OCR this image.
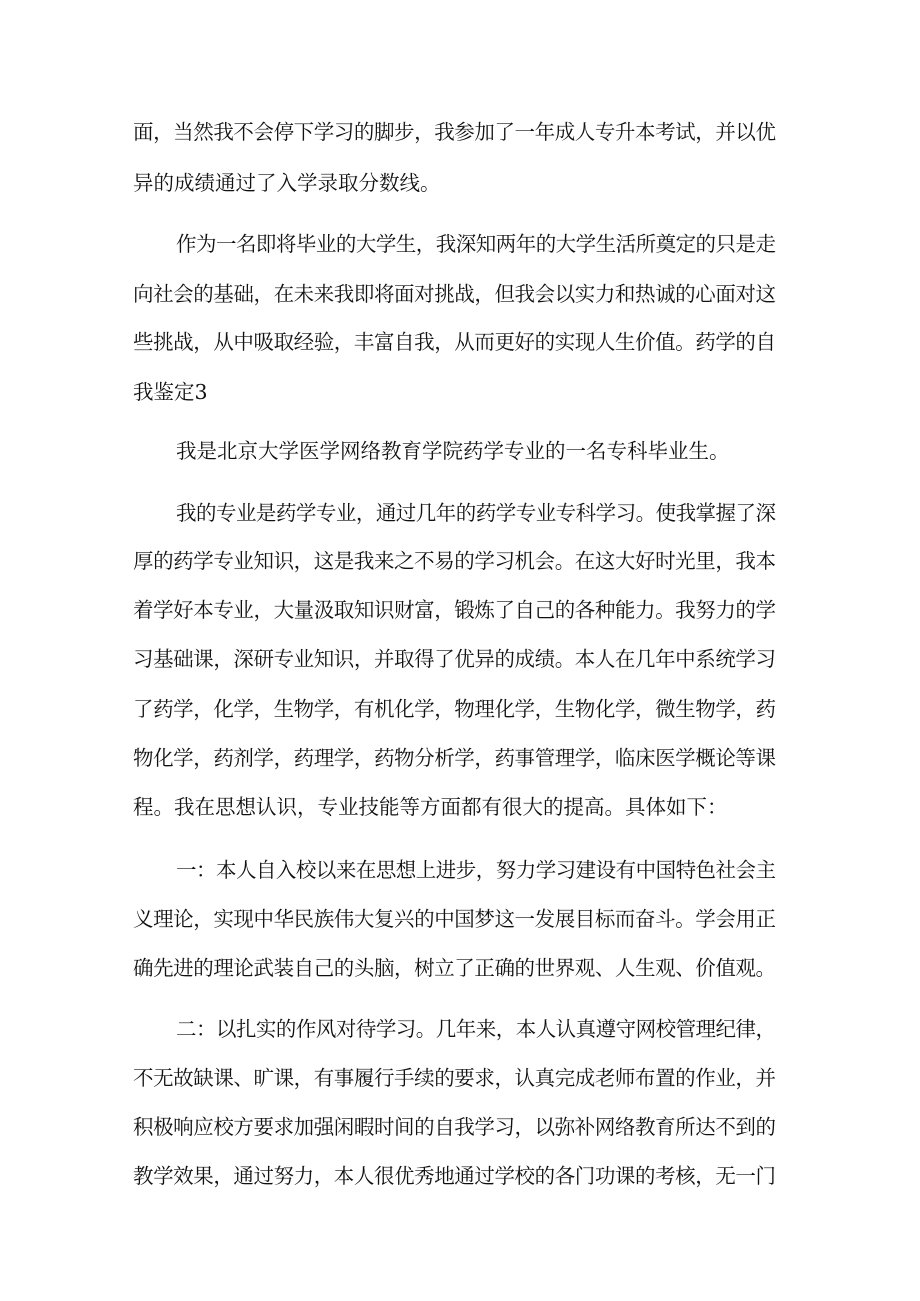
面，当然我不会停下学习的脚步，我参加了一年成人专升本考试，并以优

异的成绩通过了入学录取分数线。

作为一名即将毕业的大学生，我深知两年的大学生活所奠定的只是走

向社会的基础，在未来我即将面对挑战，但我会以实力和热诚的心面对这

些挑战，从中吸取经验，丰富自我，从而更好的实现人生价值。药学的自

我鉴定3

我是北京大学医学网络教育学院药学专业的一名专科毕业生。

我的专业是药学专业，通过几年的药学专业专科学习。使我掌握了深

厚的药学专业知识，这是我来之不易的学习机会。在这大好时光里，我本

着学好本专业，大量汲取知识财富，锻炼了自己的各种能力。我努力的学

习基础课，深研专业知识，并取得了优异的成绩。本人在几年中系统学习

了药学，化学，生物学，有机化学，物理化学，生物化学，微生物学，药

物化学，药剂学，药理学，药物分析学，药事管理学，临床医学概论等课

程。我在思想认识，专业技能等方面都有很大的提高。具体如下：

一：本人自入校以来在思想上进步，努力学习建设有中国特色社会主

义理论，实现中华民族伟大复兴的中国梦这一发展目标而奋斗。学会用正

确先进的理论武装自己的头脑，树立了正确的世界观、人生观、价值观。

二：以扎实的作风对待学习。几年来，本人认真遵守网校管理纪律，

不无故缺课、旷课，有事履行手续的要求，认真完成老师布置的作业，并

积极响应校方要求加强闲暇时间的自我学习，以弥补网络教育所达不到的

教学效果，通过努力，本人很优秀地通过学校的各门功课的考核，无一门
